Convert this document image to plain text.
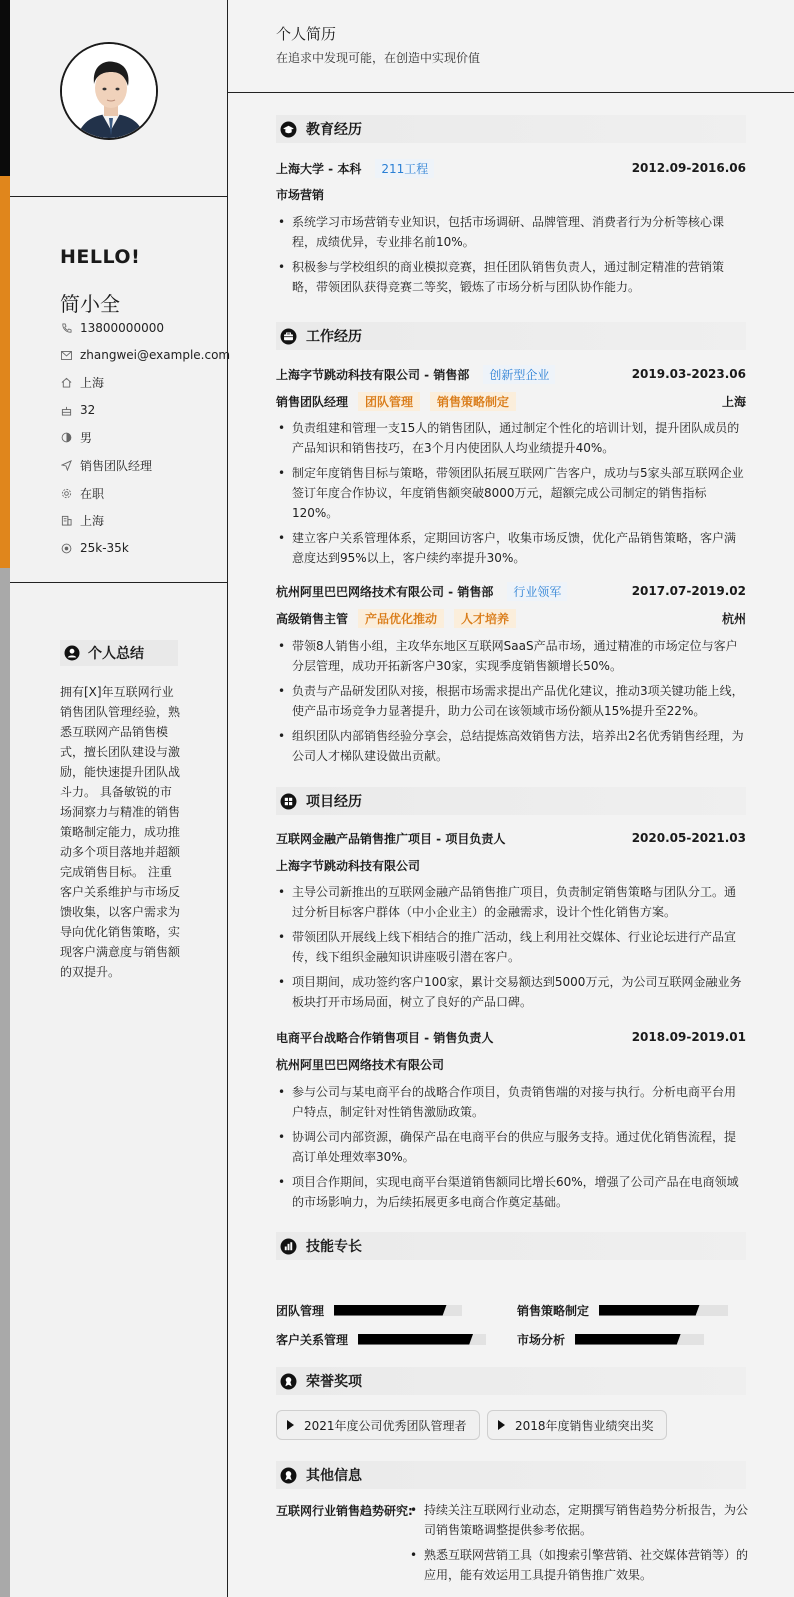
HELLO!
简小全
13800000000
zhangwei@example.com
上海
32
男
销售团队经理
在职
上海
25k-35k
个人总结
拥有[X]年互联网行业销售团队管理经验，熟悉互联网产品销售模式，擅长团队建设与激励，能快速提升团队战斗力。 具备敏锐的市场洞察力与精准的销售策略制定能力，成功推动多个项目落地并超额完成销售目标。 注重客户关系维护与市场反馈收集，以客户需求为导向优化销售策略，实现客户满意度与销售额的双提升。
个人简历
在追求中发现可能，在创造中实现价值
教育经历
上海大学 - 本科	211工程	2012.09-2016.06
市场营销
• 系统学习市场营销专业知识，包括市场调研、品牌管理、消费者行为分析等核心课程，成绩优异，专业排名前10%。
• 积极参与学校组织的商业模拟竞赛，担任团队销售负责人，通过制定精准的营销策略，带领团队获得竞赛二等奖，锻炼了市场分析与团队协作能力。
工作经历
上海字节跳动科技有限公司 - 销售部	创新型企业	2019.03-2023.06
销售团队经理	团队管理	销售策略制定	上海
• 负责组建和管理一支15人的销售团队，通过制定个性化的培训计划，提升团队成员的产品知识和销售技巧，在3个月内使团队人均业绩提升40%。
• 制定年度销售目标与策略，带领团队拓展互联网广告客户，成功与5家头部互联网企业签订年度合作协议，年度销售额突破8000万元，超额完成公司制定的销售指标120%。
• 建立客户关系管理体系，定期回访客户，收集市场反馈，优化产品销售策略，客户满意度达到95%以上，客户续约率提升30%。
杭州阿里巴巴网络技术有限公司 - 销售部	行业领军	2017.07-2019.02
高级销售主管	产品优化推动	人才培养	杭州
• 带领8人销售小组，主攻华东地区互联网SaaS产品市场，通过精准的市场定位与客户分层管理，成功开拓新客户30家，实现季度销售额增长50%。
• 负责与产品研发团队对接，根据市场需求提出产品优化建议，推动3项关键功能上线，使产品市场竞争力显著提升，助力公司在该领域市场份额从15%提升至22%。
• 组织团队内部销售经验分享会，总结提炼高效销售方法，培养出2名优秀销售经理，为公司人才梯队建设做出贡献。
项目经历
互联网金融产品销售推广项目 - 项目负责人	2020.05-2021.03
上海字节跳动科技有限公司
• 主导公司新推出的互联网金融产品销售推广项目，负责制定销售策略与团队分工。通过分析目标客户群体（中小企业主）的金融需求，设计个性化销售方案。
• 带领团队开展线上线下相结合的推广活动，线上利用社交媒体、行业论坛进行产品宣传，线下组织金融知识讲座吸引潜在客户。
• 项目期间，成功签约客户100家，累计交易额达到5000万元，为公司互联网金融业务板块打开市场局面，树立了良好的产品口碑。
电商平台战略合作销售项目 - 销售负责人	2018.09-2019.01
杭州阿里巴巴网络技术有限公司
• 参与公司与某电商平台的战略合作项目，负责销售端的对接与执行。分析电商平台用户特点，制定针对性销售激励政策。
• 协调公司内部资源，确保产品在电商平台的供应与服务支持。通过优化销售流程，提高订单处理效率30%。
• 项目合作期间，实现电商平台渠道销售额同比增长60%，增强了公司产品在电商领域的市场影响力，为后续拓展更多电商合作奠定基础。
技能专长
团队管理	销售策略制定
客户关系管理	市场分析
荣誉奖项
2021年度公司优秀团队管理者	2018年度销售业绩突出奖
其他信息
互联网行业销售趋势研究:
• 持续关注互联网行业动态，定期撰写销售趋势分析报告，为公司销售策略调整提供参考依据。
• 熟悉互联网营销工具（如搜索引擎营销、社交媒体营销等）的应用，能有效运用工具提升销售推广效果。
